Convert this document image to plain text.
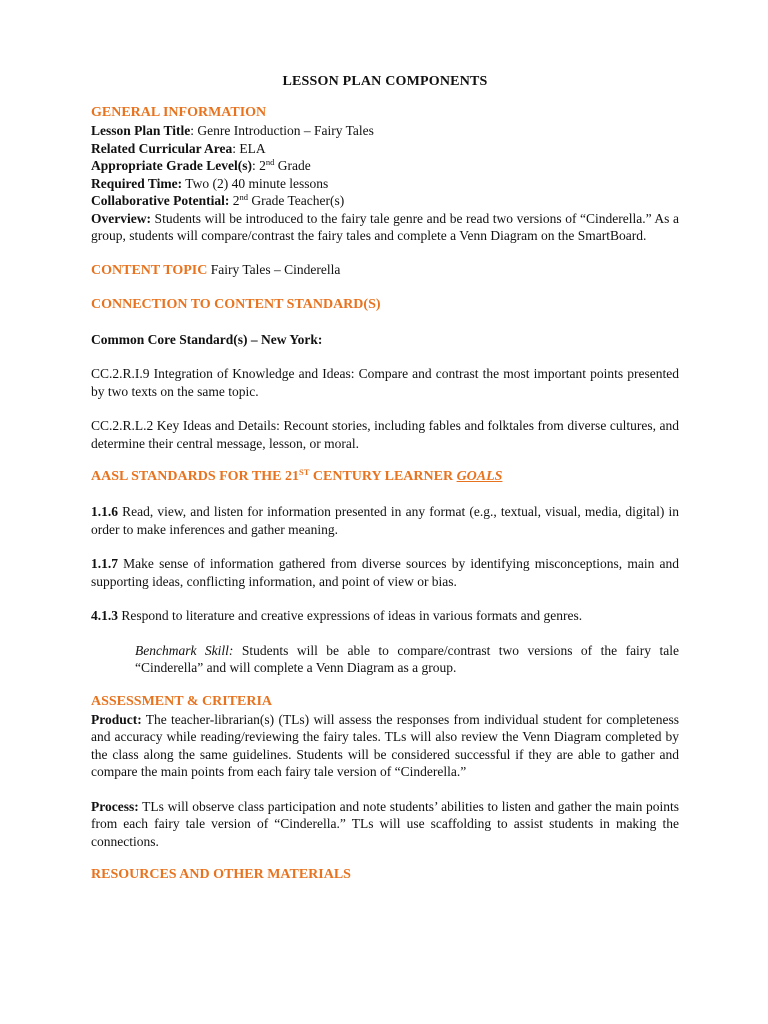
LESSON PLAN COMPONENTS
GENERAL INFORMATION
Lesson Plan Title: Genre Introduction – Fairy Tales
Related Curricular Area: ELA
Appropriate Grade Level(s): 2nd Grade
Required Time: Two (2) 40 minute lessons
Collaborative Potential: 2nd Grade Teacher(s)
Overview: Students will be introduced to the fairy tale genre and be read two versions of “Cinderella.” As a group, students will compare/contrast the fairy tales and complete a Venn Diagram on the SmartBoard.
CONTENT TOPIC Fairy Tales – Cinderella
CONNECTION TO CONTENT STANDARD(S)
Common Core Standard(s) – New York:
CC.2.R.I.9 Integration of Knowledge and Ideas: Compare and contrast the most important points presented by two texts on the same topic.
CC.2.R.L.2 Key Ideas and Details: Recount stories, including fables and folktales from diverse cultures, and determine their central message, lesson, or moral.
AASL STANDARDS FOR THE 21ST CENTURY LEARNER GOALS
1.1.6 Read, view, and listen for information presented in any format (e.g., textual, visual, media, digital) in order to make inferences and gather meaning.
1.1.7 Make sense of information gathered from diverse sources by identifying misconceptions, main and supporting ideas, conflicting information, and point of view or bias.
4.1.3 Respond to literature and creative expressions of ideas in various formats and genres.
Benchmark Skill: Students will be able to compare/contrast two versions of the fairy tale “Cinderella” and will complete a Venn Diagram as a group.
ASSESSMENT & CRITERIA
Product: The teacher-librarian(s) (TLs) will assess the responses from individual student for completeness and accuracy while reading/reviewing the fairy tales. TLs will also review the Venn Diagram completed by the class along the same guidelines. Students will be considered successful if they are able to gather and compare the main points from each fairy tale version of “Cinderella.”
Process: TLs will observe class participation and note students’ abilities to listen and gather the main points from each fairy tale version of “Cinderella.” TLs will use scaffolding to assist students in making the connections.
RESOURCES AND OTHER MATERIALS
